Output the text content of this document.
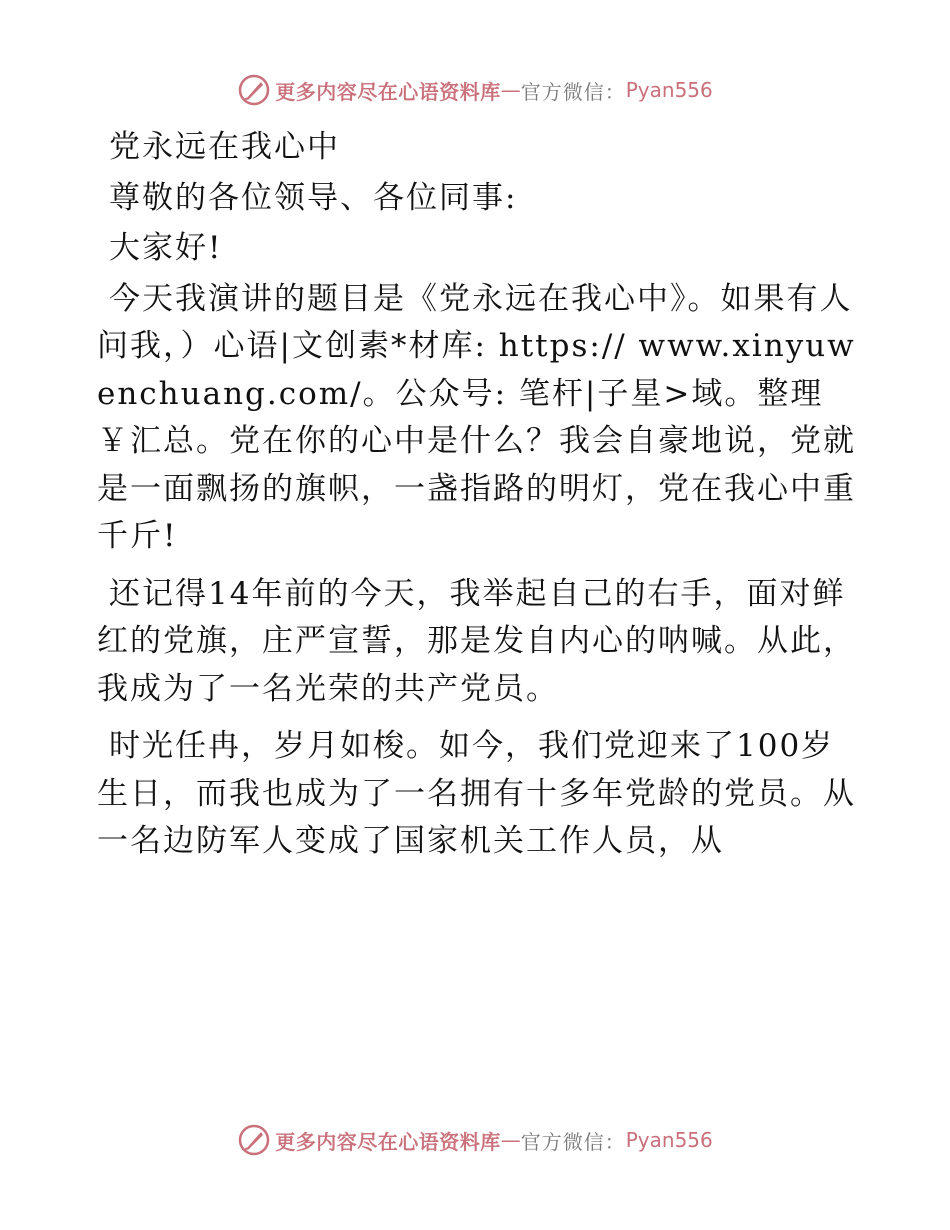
更多内容尽在心语资料库 — 官方微信： Pyan556

党永远在我心中

尊敬的各位领导、各位同事:

大家好!

今天我演讲的题目是《党永远在我心中》。如果有人问我，）心语|文创素*材库: https:// www.xinyuwenchuang.com/。公众号: 笔杆|子星>域。整理￥汇总。党在你的心中是什么？我会自豪地说，党就是一面飘扬的旗帜，一盏指路的明灯，党在我心中重千斤!

还记得14年前的今天，我举起自己的右手，面对鲜红的党旗，庄严宣誓，那是发自内心的呐喊。从此，我成为了一名光荣的共产党员。

时光任冉，岁月如梭。如今，我们党迎来了100岁生日，而我也成为了一名拥有十多年党龄的党员。从一名边防军人变成了国家机关工作人员，从

更多内容尽在心语资料库 — 官方微信： Pyan556
